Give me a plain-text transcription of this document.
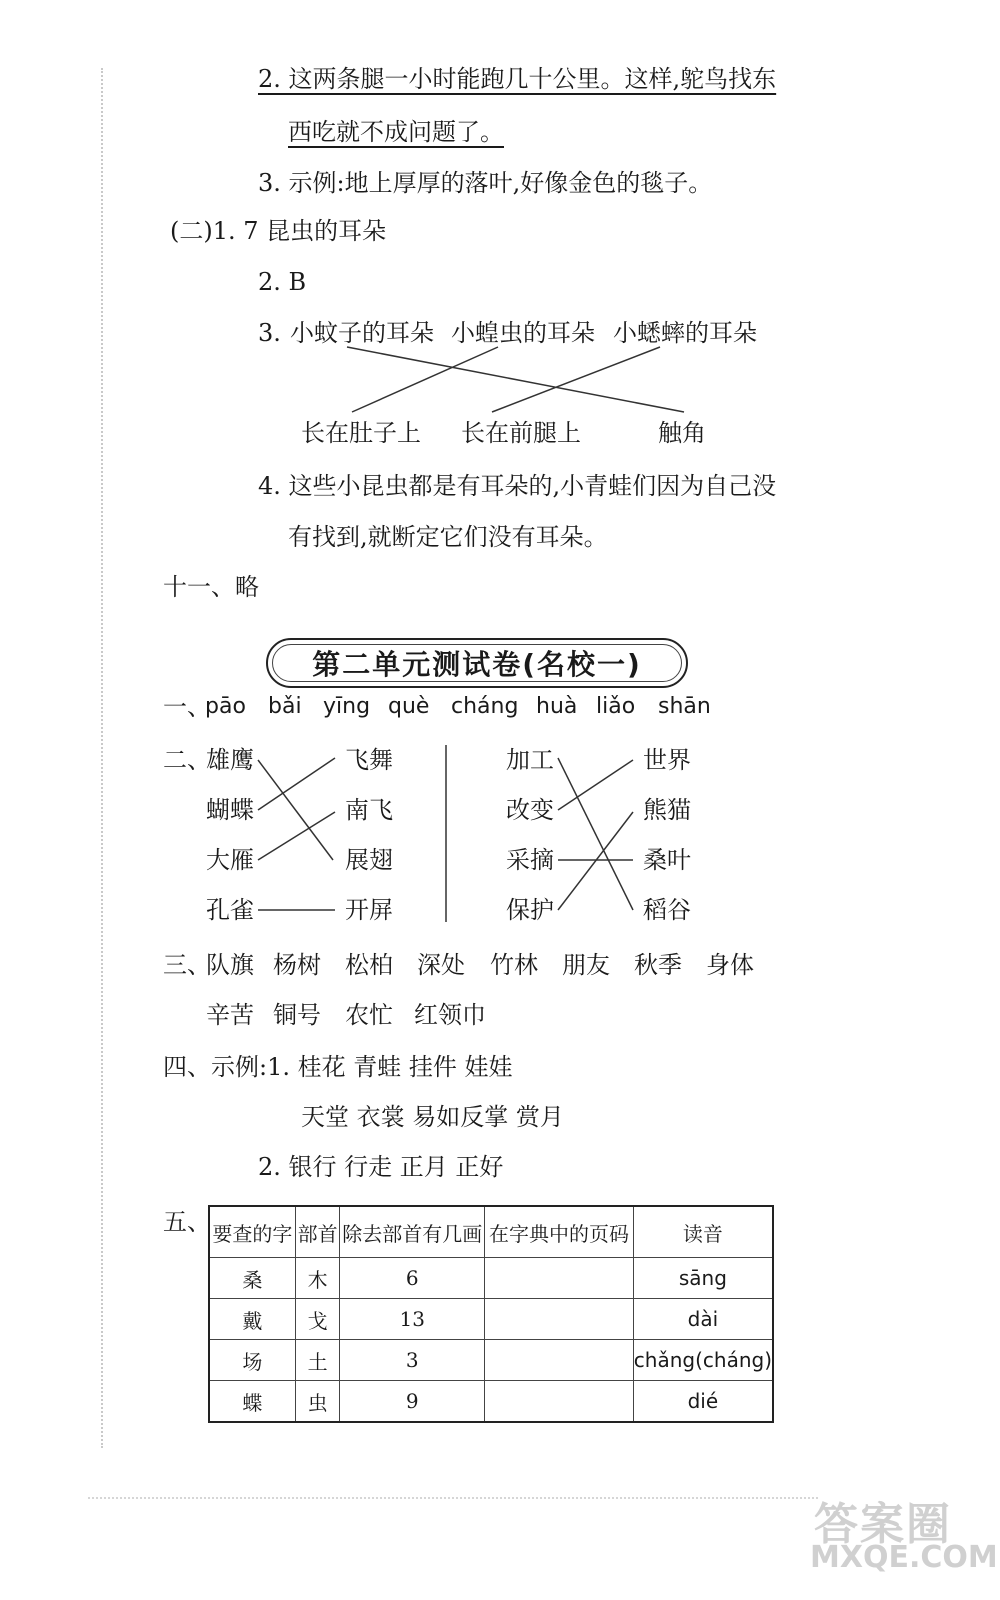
2. 这两条腿一小时能跑几十公里。这样,鸵鸟找东
西吃就不成问题了。
3. 示例:地上厚厚的落叶,好像金色的毯子。
(二)1. 7 昆虫的耳朵
2. B
3. 小蚊子的耳朵 小蝗虫的耳朵 小蟋蟀的耳朵
长在肚子上 长在前腿上	触角
4. 这些小昆虫都是有耳朵的,小青蛙们因为自己没
有找到,就断定它们没有耳朵。
十一、略
第二单元测试卷(名校一)
一、
pāo bǎi yīng què cháng huà liǎo shān
二、
雄鹰
蝴蝶
大雁
孔雀
飞舞
南飞
展翅
开屏
加工
改变
采摘
保护
世界
熊猫
桑叶
稻谷
三、
队旗 杨树 松柏 深处 竹林 朋友 秋季 身体
辛苦 铜号 农忙 红领巾
四、示例:1. 桂花 青蛙 挂件 娃娃
天堂 衣裳 易如反掌 赏月
2. 银行 行走 正月 正好
五、 要查的字	部首	除去部首有几画	在字典中的页码	读音
桑	木	6		sāng
戴	戈	13		dài
场	土	3		chǎng(cháng)
蝶	虫	9		dié
答案圈
MXQE.COM
